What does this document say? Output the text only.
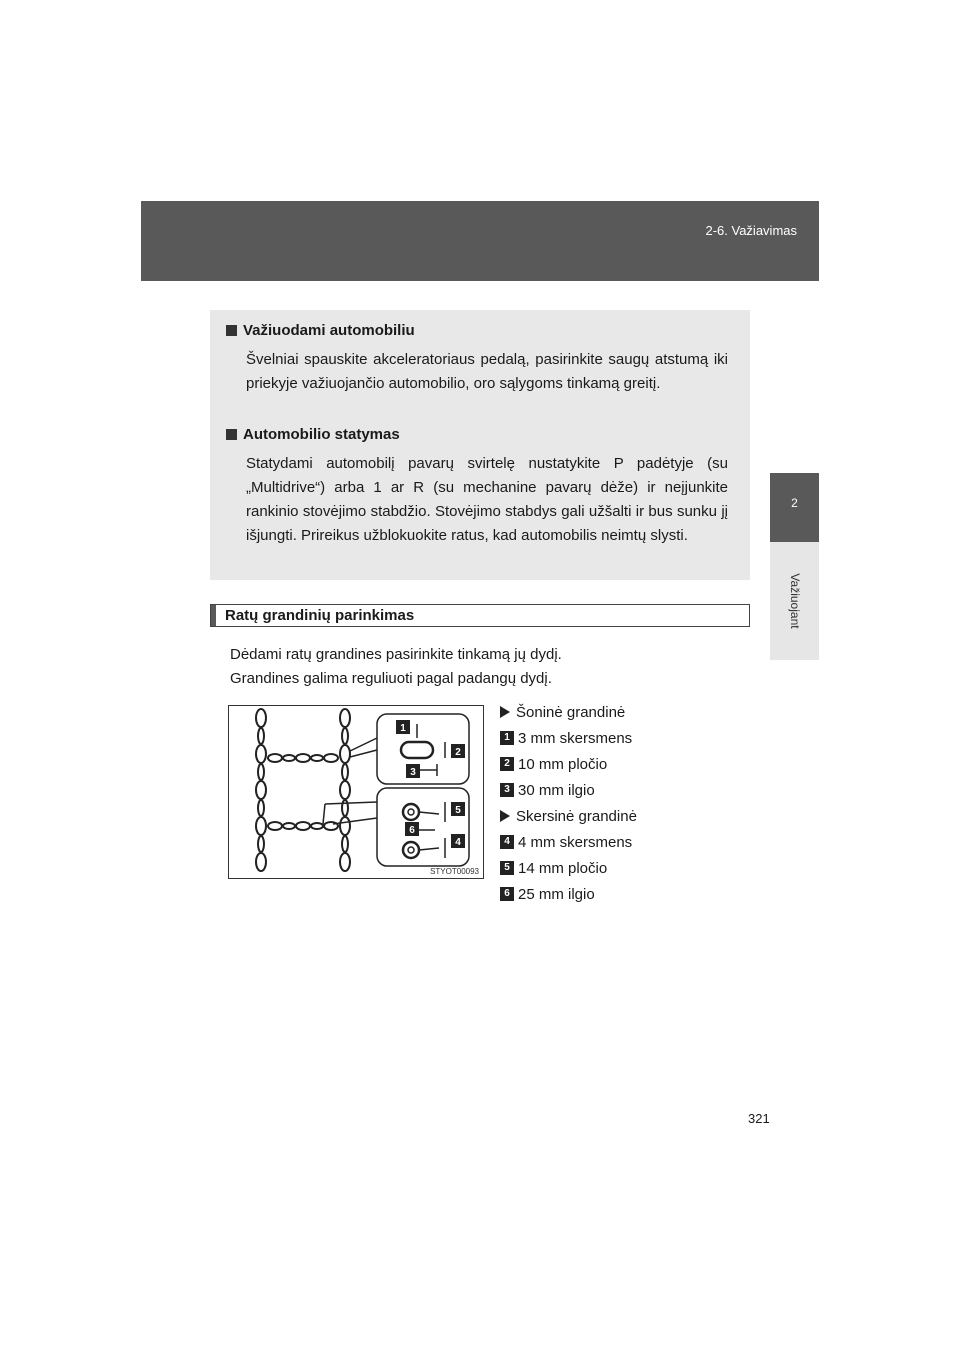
2-6. Važiavimas
2
Važiuojant
Važiuodami automobiliu
Švelniai spauskite akceleratoriaus pedalą, pasirinkite saugų atstumą iki priekyje važiuojančio automobilio, oro sąlygoms tinkamą greitį.
Automobilio statymas
Statydami automobilį pavarų svirtelę nustatykite P padėtyje (su „Multidrive“) arba 1 ar R (su mechanine pavarų dėže) ir neįjunkite rankinio stovėjimo stabdžio. Stovėjimo stabdys gali užšalti ir bus sunku jį išjungti. Prireikus užblokuokite ratus, kad automobilis neimtų slysti.
Ratų grandinių parinkimas
Dėdami ratų grandines pasirinkite tinkamą jų dydį.
Grandines galima reguliuoti pagal padangų dydį.
1
2
3
4
5
6
STYOT00093
Šoninė grandinė
1 3 mm skersmens
2 10 mm pločio
3 30 mm ilgio
Skersinė grandinė
4 4 mm skersmens
5 14 mm pločio
6 25 mm ilgio
321
